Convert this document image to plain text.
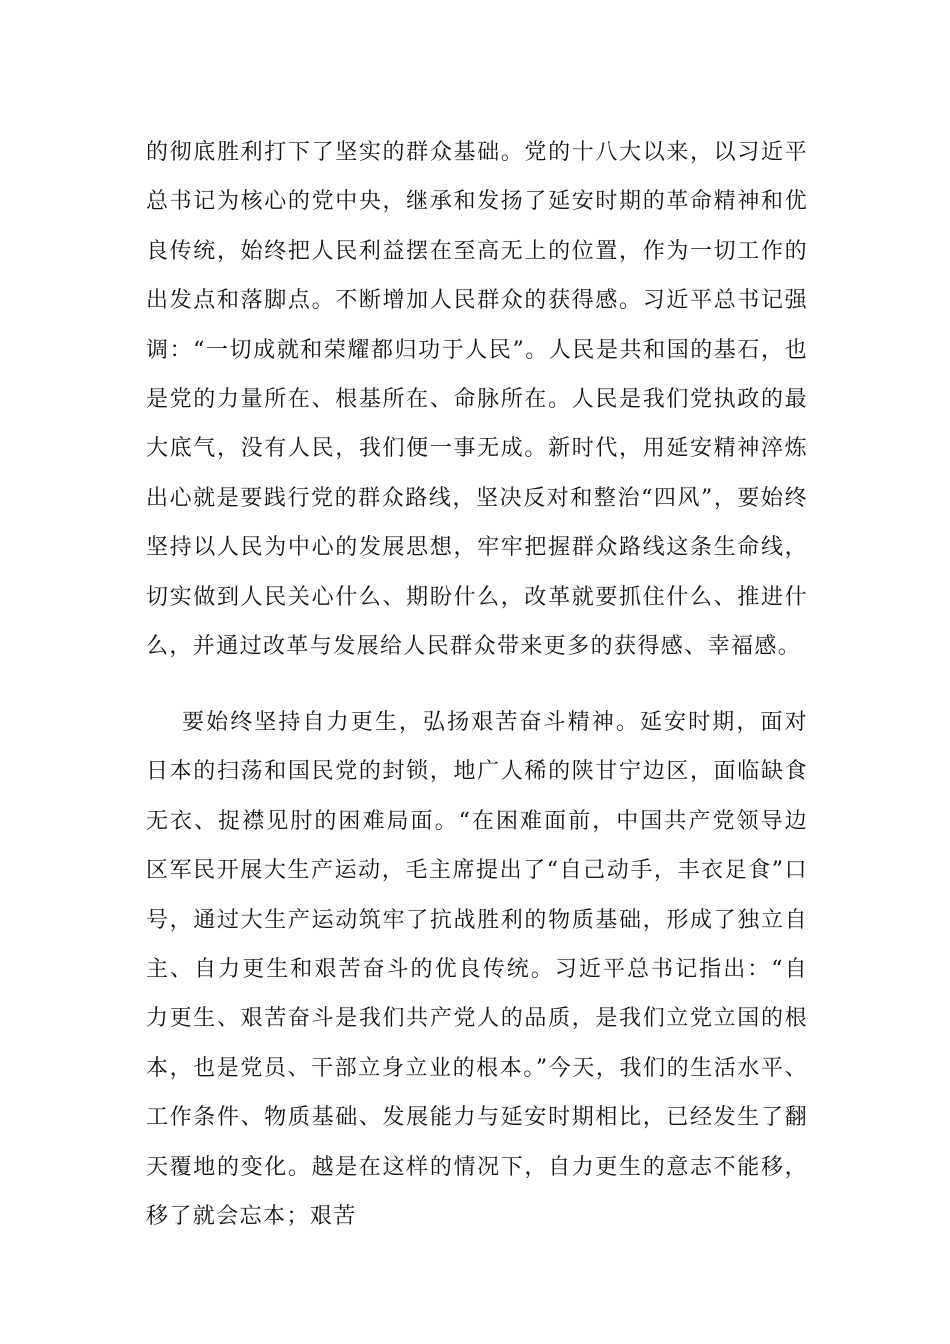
的彻底胜利打下了坚实的群众基础。党的十八大以来，以习近平总书记为核心的党中央，继承和发扬了延安时期的革命精神和优良传统，始终把人民利益摆在至高无上的位置，作为一切工作的出发点和落脚点。不断增加人民群众的获得感。习近平总书记强调：“一切成就和荣耀都归功于人民”。人民是共和国的基石，也是党的力量所在、根基所在、命脉所在。人民是我们党执政的最大底气，没有人民，我们便一事无成。新时代，用延安精神淬炼出心就是要践行党的群众路线，坚决反对和整治“四风”，要始终坚持以人民为中心的发展思想，牢牢把握群众路线这条生命线，切实做到人民关心什么、期盼什么，改革就要抓住什么、推进什么，并通过改革与发展给人民群众带来更多的获得感、幸福感。

要始终坚持自力更生，弘扬艰苦奋斗精神。延安时期，面对日本的扫荡和国民党的封锁，地广人稀的陕甘宁边区，面临缺食无衣、捉襟见肘的困难局面。“在困难面前，中国共产党领导边区军民开展大生产运动，毛主席提出了“自己动手，丰衣足食”口号，通过大生产运动筑牢了抗战胜利的物质基础，形成了独立自主、自力更生和艰苦奋斗的优良传统。习近平总书记指出：“自力更生、艰苦奋斗是我们共产党人的品质，是我们立党立国的根本，也是党员、干部立身立业的根本。”今天，我们的生活水平、工作条件、物质基础、发展能力与延安时期相比，已经发生了翻天覆地的变化。越是在这样的情况下，自力更生的意志不能移，移了就会忘本；艰苦
